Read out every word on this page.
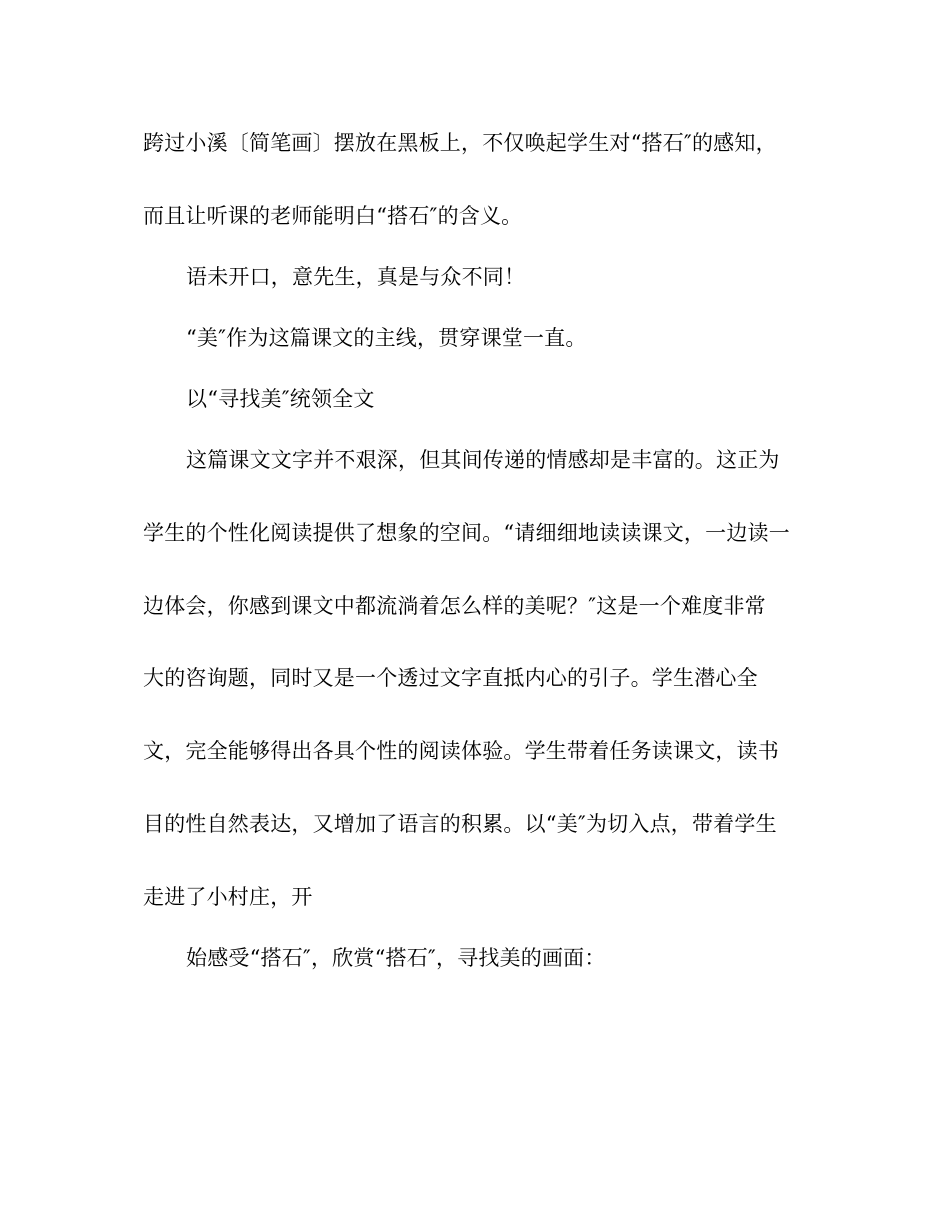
跨过小溪〔简笔画〕摆放在黑板上，不仅唤起学生对“搭石″的感知，
而且让听课的老师能明白“搭石″的含义。
语未开口，意先生，真是与众不同！
“美″作为这篇课文的主线，贯穿课堂一直。
以“寻找美″统领全文
这篇课文文字并不艰深，但其间传递的情感却是丰富的。这正为
学生的个性化阅读提供了想象的空间。“请细细地读读课文，一边读一
边体会，你感到课文中都流淌着怎么样的美呢？″这是一个难度非常
大的咨询题，同时又是一个透过文字直抵内心的引子。学生潜心全
文，完全能够得出各具个性的阅读体验。学生带着任务读课文，读书
目的性自然表达，又增加了语言的积累。以“美″为切入点，带着学生
走进了小村庄，开
始感受“搭石″，欣赏“搭石″，寻找美的画面：
